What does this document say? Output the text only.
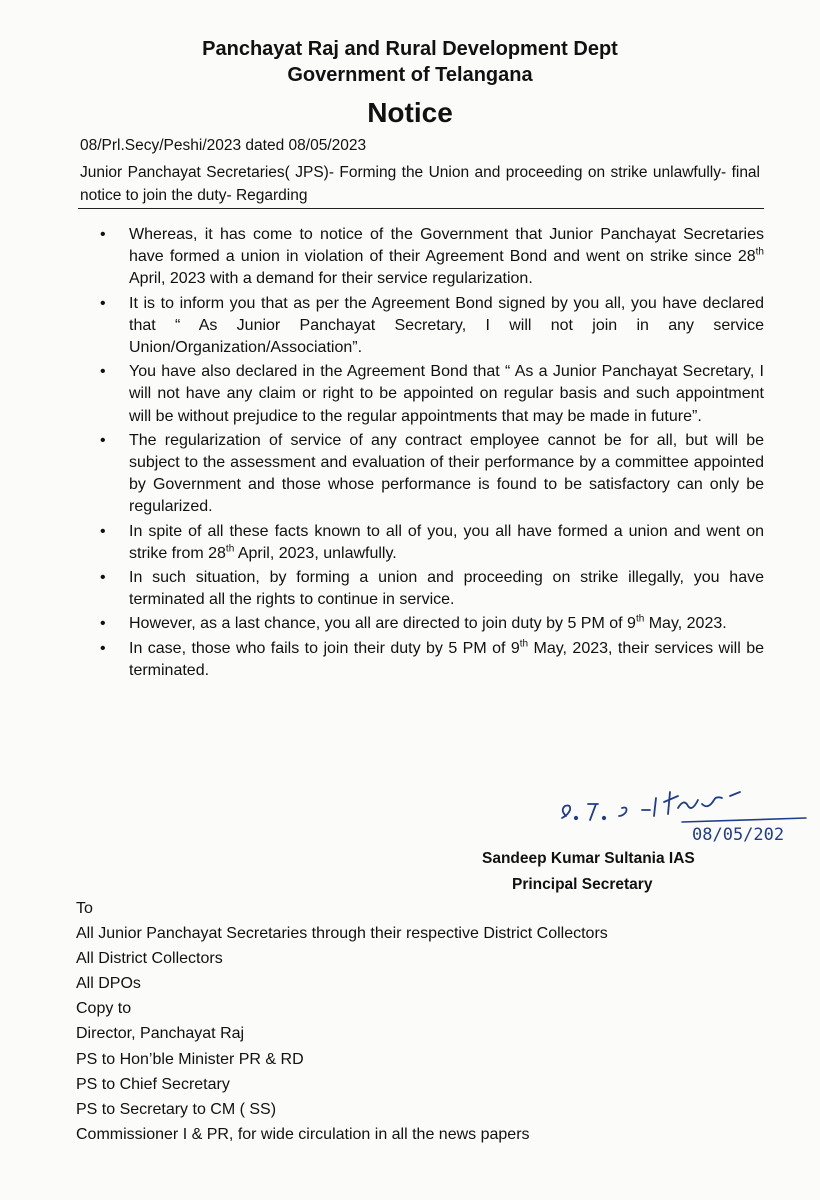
Panchayat Raj and Rural Development Dept
Government of Telangana
Notice
08/Prl.Secy/Peshi/2023 dated 08/05/2023
Junior Panchayat Secretaries( JPS)- Forming the Union and proceeding on strike unlawfully- final notice to join the duty- Regarding
• Whereas, it has come to notice of the Government that Junior Panchayat Secretaries have formed a union in violation of their Agreement Bond and went on strike since 28th April, 2023 with a demand for their service regularization.
• It is to inform you that as per the Agreement Bond signed by you all, you have declared that “ As Junior Panchayat Secretary, I will not join in any service Union/Organization/Association”.
• You have also declared in the Agreement Bond that “ As a Junior Panchayat Secretary, I will not have any claim or right to be appointed on regular basis and such appointment will be without prejudice to the regular appointments that may be made in future”.
• The regularization of service of any contract employee cannot be for all, but will be subject to the assessment and evaluation of their performance by a committee appointed by Government and those whose performance is found to be satisfactory can only be regularized.
• In spite of all these facts known to all of you, you all have formed a union and went on strike from 28th April, 2023, unlawfully.
• In such situation, by forming a union and proceeding on strike illegally, you have terminated all the rights to continue in service.
• However, as a last chance, you all are directed to join duty by 5 PM of 9th May, 2023.
• In case, those who fails to join their duty by 5 PM of 9th May, 2023, their services will be terminated.
08/05/202
Sandeep Kumar Sultania IAS
Principal Secretary
To
All Junior Panchayat Secretaries through their respective District Collectors
All District Collectors
All DPOs
Copy to
Director, Panchayat Raj
PS to Hon’ble Minister PR & RD
PS to Chief Secretary
PS to Secretary to CM ( SS)
Commissioner I & PR, for wide circulation in all the news papers
